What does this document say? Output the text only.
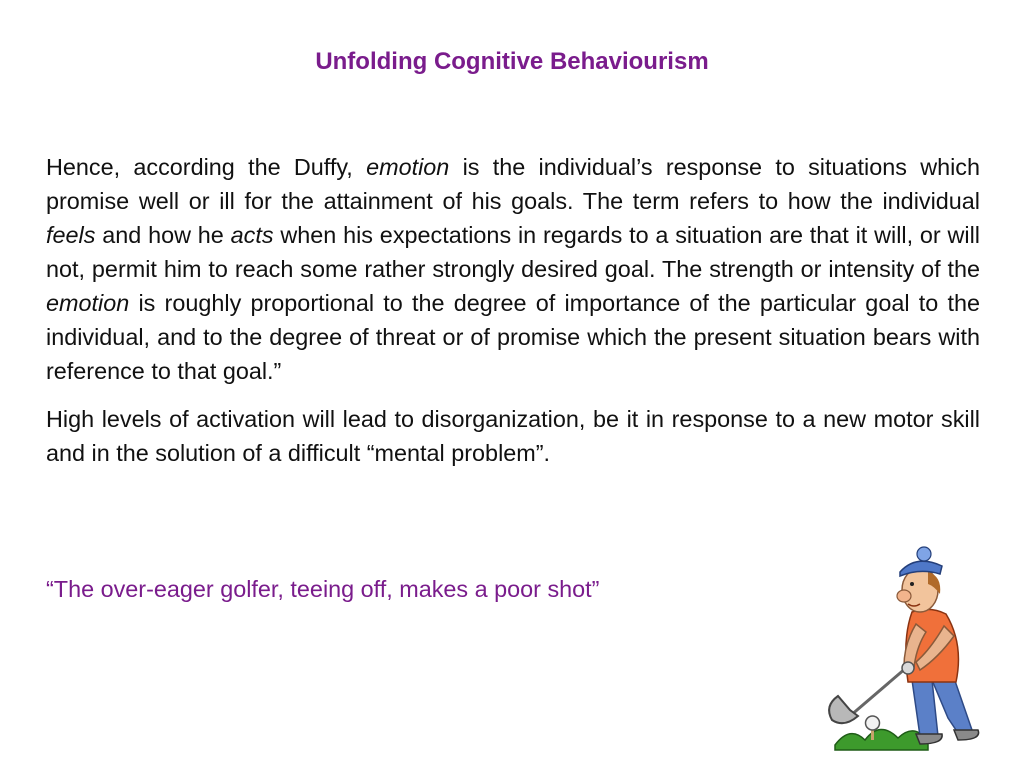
Unfolding Cognitive Behaviourism

Hence, according the Duffy, emotion is the individual’s response to situations which promise well or ill for the attainment of his goals. The term refers to how the individual feels and how he acts when his expectations in regards to a situation are that it will, or will not, permit him to reach some rather strongly desired goal. The strength or intensity of the emotion is roughly proportional to the degree of importance of the particular goal to the individual, and to the degree of threat or of promise which the present situation bears with reference to that goal.”

High levels of activation will lead to disorganization, be it in response to a new motor skill and in the solution of a difficult “mental problem”.

“The over-eager golfer, teeing off, makes a poor shot”
